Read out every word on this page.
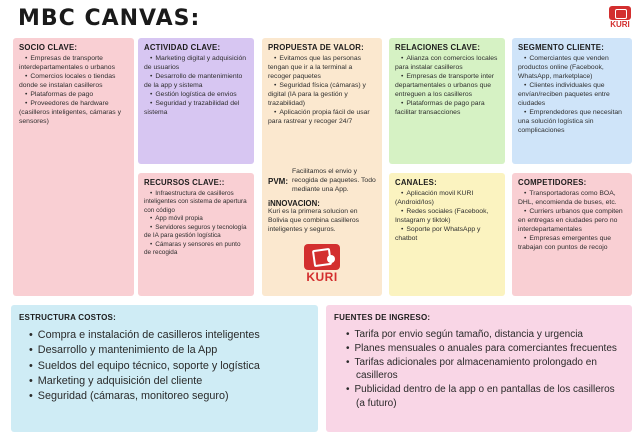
MBC CANVAS:	KURI
SOCIO CLAVE:
• Empresas de transporte interdepartamentales o urbanos
• Comercios locales o tiendas donde se instalan casilleros
• Plataformas de pago
• Proveedores de hardware (casilleros inteligentes, cámaras y sensores)
ACTIVIDAD CLAVE:
• Marketing digital y adquisición de usuarios
• Desarrollo de mantenimiento de la app y sistema
• Gestión logística de envios
• Seguridad y trazabilidad del sistema
RECURSOS CLAVE::
• Infraestructura de casilleros inteligentes con sistema de apertura con código
• App móvil propia
• Servidores seguros y tecnología de IA para gestión logística
• Cámaras y sensores en punto de recogida
PROPUESTA DE VALOR:
• Evitamos que las personas tengan que ir a la terminal a recoger paquetes
• Seguridad física (cámaras) y digital (IA para la gestión y trazabilidad)
• Aplicación propia fácil de usar para rastrear y recoger 24/7
PVM:
Facilitamos el envio y recogida de paquetes. Todo mediante una App.
iNNOVACION:

Kuri es la primera solucion en Bolivia que combina casilleros inteligentes y seguros.

KURI
RELACIONES CLAVE:
• Alianza con comercios locales para instalar casilleros
• Empresas de transporte inter departamentales o urbanos que entreguen a los casilleros
• Plataformas de pago para facilitar transacciones
CANALES:
• Aplicación movil KURI (Android/Ios)
• Redes sociales (Facebook, Instagram y tiktok)
• Soporte por WhatsApp y chatbot
SEGMENTO CLIENTE:
• Comerciantes que venden productos online (Facebook, WhatsApp, marketplace)
• Clientes individuales que envían/reciben paquetes entre ciudades
• Emprendedores que necesitan una solución logística sin complicaciones
COMPETIDORES:
• Transportadoras como BOA, DHL, encomienda de buses, etc.
• Curriers urbanos que compiten en entregas en ciudades pero no interdepartamentales
• Empresas emergentes que trabajan con puntos de recojo
ESTRUCTURA COSTOS:
• Compra e instalación de casilleros inteligentes
• Desarrollo y mantenimiento de la App
• Sueldos del equipo técnico, soporte y logística
• Marketing y adquisición del cliente
• Seguridad (cámaras, monitoreo seguro)
FUENTES DE INGRESO:
• Tarifa por envio según tamaño, distancia y urgencia
• Planes mensuales o anuales para comerciantes frecuentes
• Tarifas adicionales por almacenamiento prolongado en casilleros
• Publicidad dentro de la app o en pantallas de los casilleros (a futuro)
